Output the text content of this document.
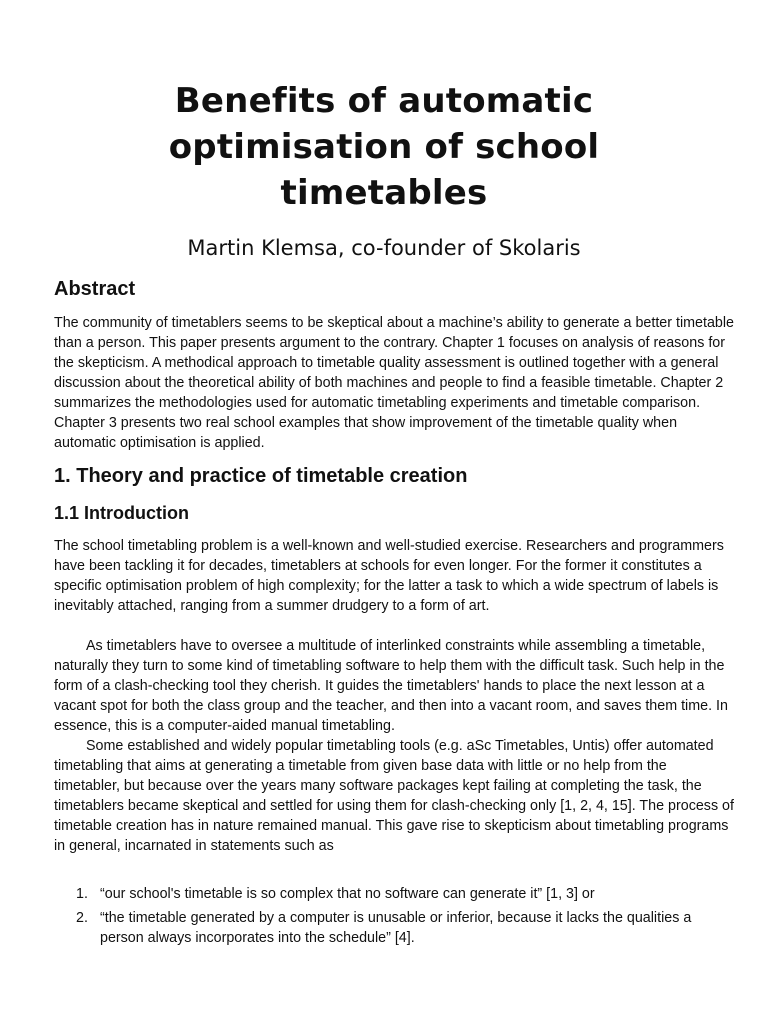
Benefits of automatic optimisation of school timetables

Martin Klemsa, co-founder of Skolaris

Abstract

The community of timetablers seems to be skeptical about a machine’s ability to generate a better timetable than a person. This paper presents argument to the contrary. Chapter 1 focuses on analysis of reasons for the skepticism. A methodical approach to timetable quality assessment is outlined together with a general discussion about the theoretical ability of both machines and people to find a feasible timetable. Chapter 2 summarizes the methodologies used for automatic timetabling experiments and timetable comparison. Chapter 3 presents two real school examples that show improvement of the timetable quality when automatic optimisation is applied.

1. Theory and practice of timetable creation
1.1 Introduction

The school timetabling problem is a well-known and well-studied exercise. Researchers and programmers have been tackling it for decades, timetablers at schools for even longer. For the former it constitutes a specific optimisation problem of high complexity; for the latter a task to which a wide spectrum of labels is inevitably attached, ranging from a summer drudgery to a form of art.

As timetablers have to oversee a multitude of interlinked constraints while assembling a timetable, naturally they turn to some kind of timetabling software to help them with the difficult task. Such help in the form of a clash-checking tool they cherish. It guides the timetablers' hands to place the next lesson at a vacant spot for both the class group and the teacher, and then into a vacant room, and saves them time. In essence, this is a computer-aided manual timetabling.

Some established and widely popular timetabling tools (e.g. aSc Timetables, Untis) offer automated timetabling that aims at generating a timetable from given base data with little or no help from the timetabler, but because over the years many software packages kept failing at completing the task, the timetablers became skeptical and settled for using them for clash-checking only [1, 2, 4, 15]. The process of timetable creation has in nature remained manual. This gave rise to skepticism about timetabling programs in general, incarnated in statements such as

1. “our school's timetable is so complex that no software can generate it” [1, 3] or
2. “the timetable generated by a computer is unusable or inferior, because it lacks the qualities a person always incorporates into the schedule” [4].
